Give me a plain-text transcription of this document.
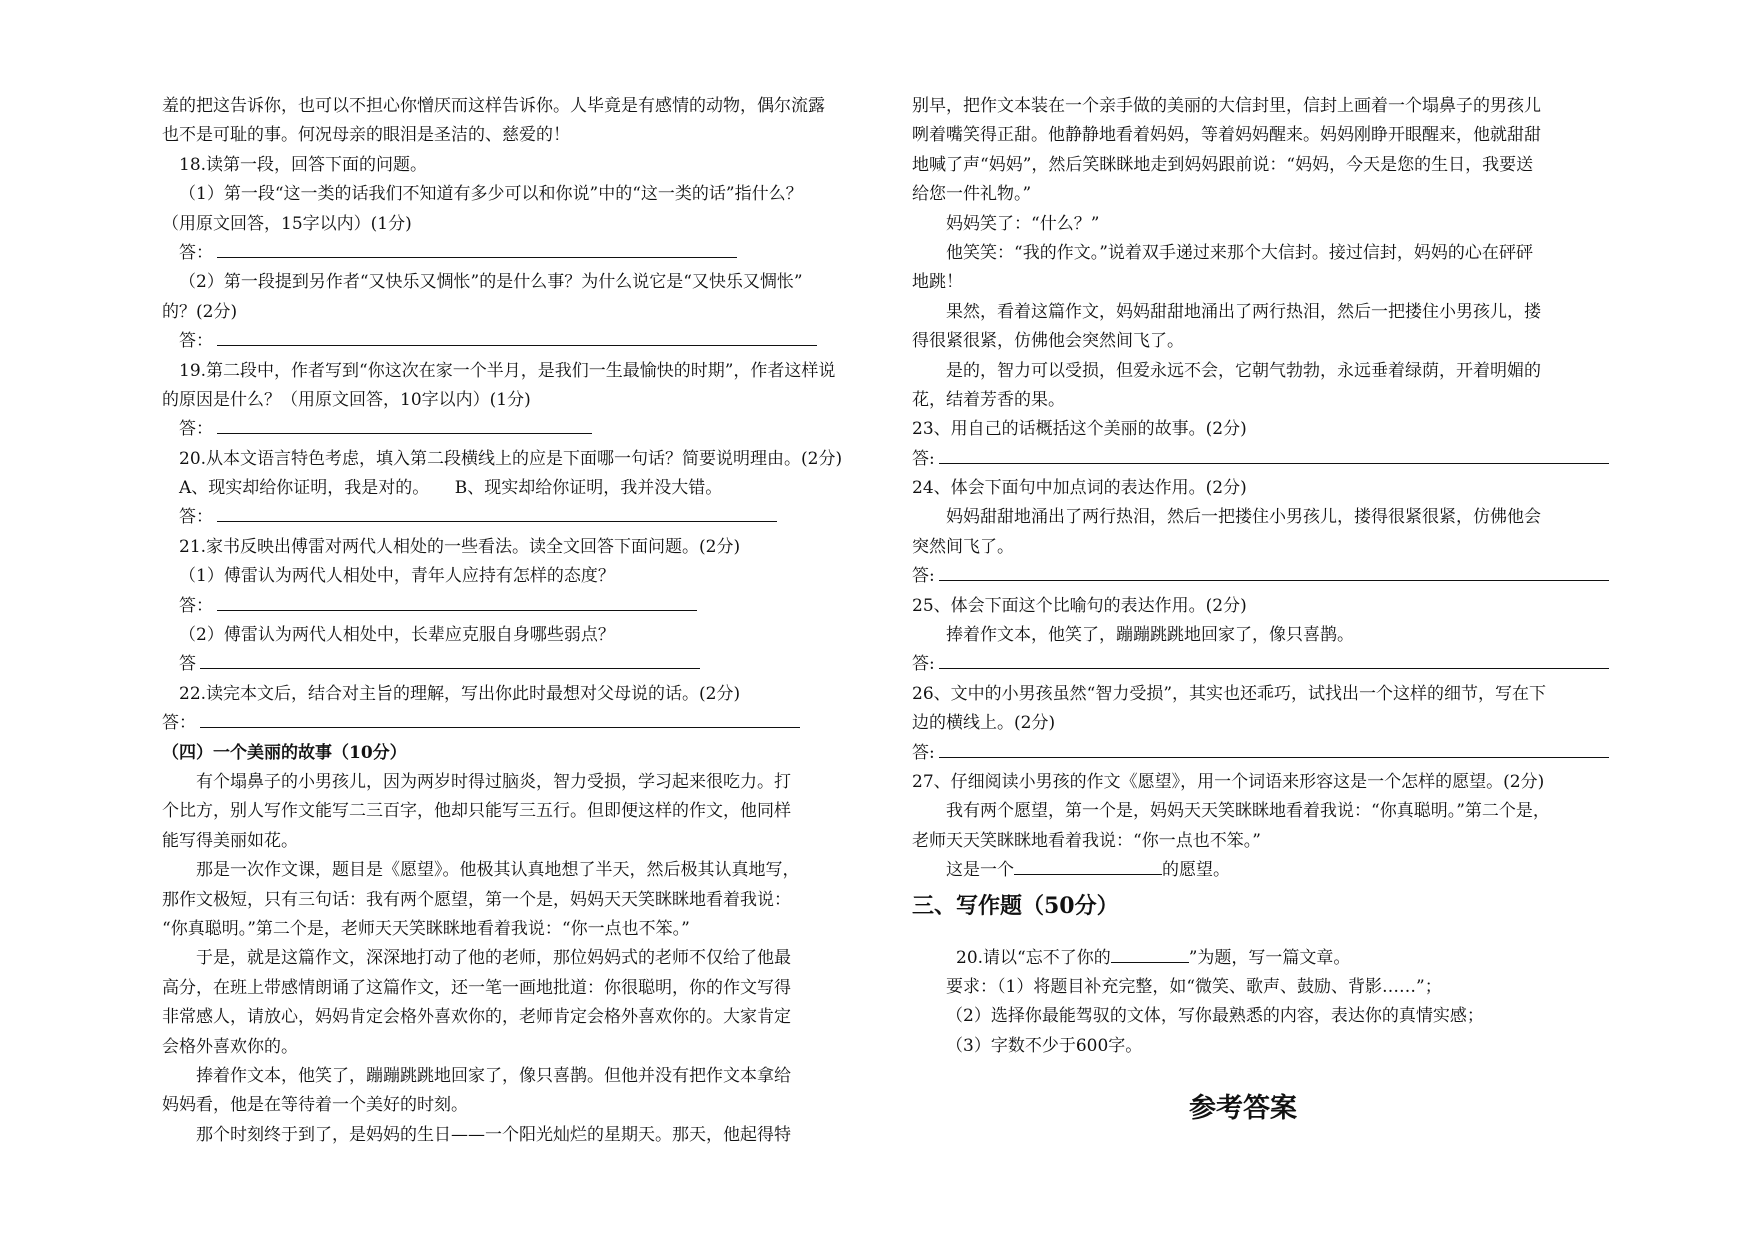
羞的把这告诉你，也可以不担心你憎厌而这样告诉你。人毕竟是有感情的动物，偶尔流露
也不是可耻的事。何况母亲的眼泪是圣洁的、慈爱的！
18.读第一段，回答下面的问题。
（1）第一段“这一类的话我们不知道有多少可以和你说”中的“这一类的话”指什么？
（用原文回答，15字以内）(1分)
答：
（2）第一段提到另作者“又快乐又惆怅”的是什么事？为什么说它是“又快乐又惆怅”
的？(2分)
答：
19.第二段中，作者写到“你这次在家一个半月，是我们一生最愉快的时期”，作者这样说
的原因是什么？（用原文回答，10字以内）(1分)
答：
20.从本文语言特色考虑，填入第二段横线上的应是下面哪一句话？简要说明理由。(2分)
A、现实却给你证明，我是对的。　　B、现实却给你证明，我并没大错。
答：
21.家书反映出傅雷对两代人相处的一些看法。读全文回答下面问题。(2分)
（1）傅雷认为两代人相处中，青年人应持有怎样的态度？
答：
（2）傅雷认为两代人相处中，长辈应克服自身哪些弱点？
答
22.读完本文后，结合对主旨的理解，写出你此时最想对父母说的话。(2分)
答：
（四）一个美丽的故事（10分）
有个塌鼻子的小男孩儿，因为两岁时得过脑炎，智力受损，学习起来很吃力。打
个比方，别人写作文能写二三百字，他却只能写三五行。但即便这样的作文，他同样
能写得美丽如花。
那是一次作文课，题目是《愿望》。他极其认真地想了半天，然后极其认真地写，
那作文极短，只有三句话：我有两个愿望，第一个是，妈妈天天笑眯眯地看着我说：
“你真聪明。”第二个是，老师天天笑眯眯地看着我说：“你一点也不笨。”
于是，就是这篇作文，深深地打动了他的老师，那位妈妈式的老师不仅给了他最
高分，在班上带感情朗诵了这篇作文，还一笔一画地批道：你很聪明，你的作文写得
非常感人，请放心，妈妈肯定会格外喜欢你的，老师肯定会格外喜欢你的。大家肯定
会格外喜欢你的。
捧着作文本，他笑了，蹦蹦跳跳地回家了，像只喜鹊。但他并没有把作文本拿给
妈妈看，他是在等待着一个美好的时刻。
那个时刻终于到了，是妈妈的生日——一个阳光灿烂的星期天。那天，他起得特
别早，把作文本装在一个亲手做的美丽的大信封里，信封上画着一个塌鼻子的男孩儿
咧着嘴笑得正甜。他静静地看着妈妈，等着妈妈醒来。妈妈刚睁开眼醒来，他就甜甜
地喊了声“妈妈”，然后笑眯眯地走到妈妈跟前说：“妈妈，今天是您的生日，我要送
给您一件礼物。”
妈妈笑了：“什么？”
他笑笑：“我的作文。”说着双手递过来那个大信封。接过信封，妈妈的心在砰砰
地跳！
果然，看着这篇作文，妈妈甜甜地涌出了两行热泪，然后一把搂住小男孩儿，搂
得很紧很紧，仿佛他会突然间飞了。
是的，智力可以受损，但爱永远不会，它朝气勃勃，永远垂着绿荫，开着明媚的
花，结着芳香的果。
23、用自己的话概括这个美丽的故事。(2分)
答:
24、体会下面句中加点词的表达作用。(2分)
妈妈甜甜地涌出了两行热泪，然后一把搂住小男孩儿，搂得很紧很紧，仿佛他会
突然间飞了。
答:
25、体会下面这个比喻句的表达作用。(2分)
捧着作文本，他笑了，蹦蹦跳跳地回家了，像只喜鹊。
答:
26、文中的小男孩虽然“智力受损”，其实也还乖巧，试找出一个这样的细节，写在下
边的横线上。(2分)
答:
27、仔细阅读小男孩的作文《愿望》，用一个词语来形容这是一个怎样的愿望。(2分)
我有两个愿望，第一个是，妈妈天天笑眯眯地看着我说：“你真聪明。”第二个是，
老师天天笑眯眯地看着我说：“你一点也不笨。”
这是一个	的愿望。
三、写作题（50分）
20.请以“忘不了你的	”为题，写一篇文章。
要求：（1）将题目补充完整，如“微笑、歌声、鼓励、背影……”；
（2）选择你最能驾驭的文体，写你最熟悉的内容，表达你的真情实感；
（3）字数不少于600字。
参考答案
